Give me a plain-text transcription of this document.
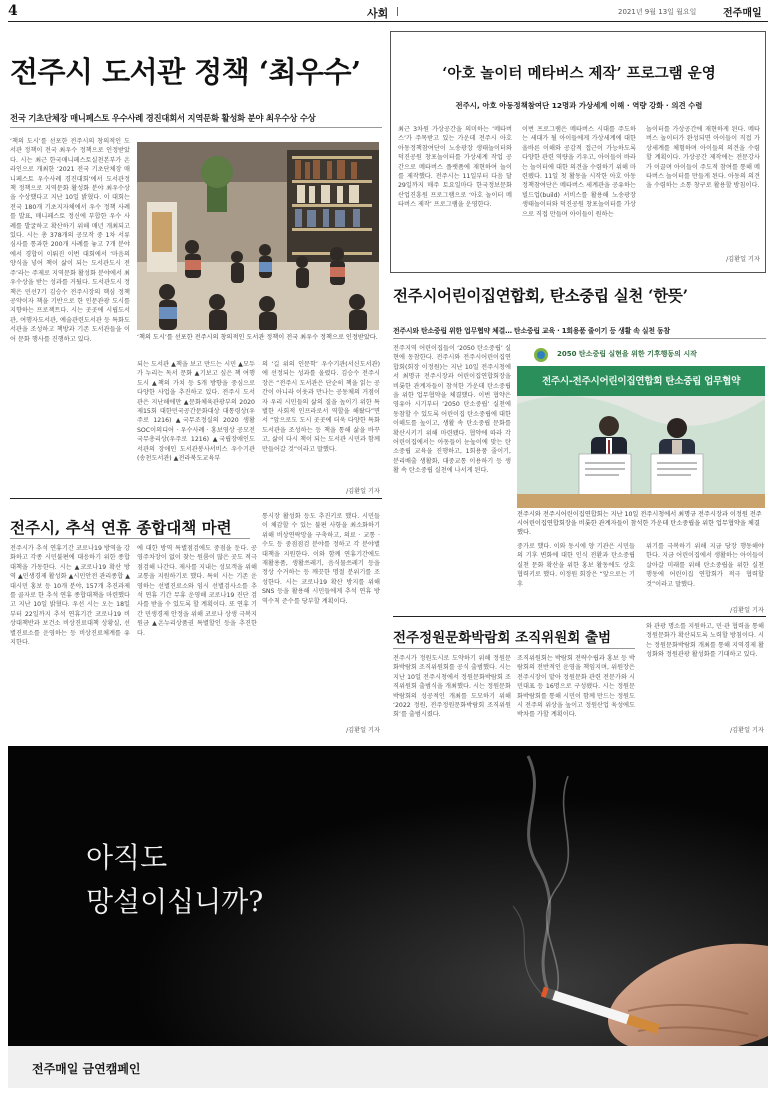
4	사회	2021년 9월 13일 월요일	전주매일
전주시 도서관 정책 ‘최우수’
전국 기초단체장 매니페스토 우수사례 경진대회서 지역문화 활성화 분야 최우수상 수상
‘책의 도시’를 선포한 전주시의 창의적인 도서관 정책이 전국 최우수 정책으로 인정받았다. 시는 최근 한국매니페스토실천본부가 온라인으로 개최한 ‘2021 전국 기초단체장 매니페스토 우수사례 경진대회’에서 도서관정책 정책으로 지역문화 활성화 분야 최우수상을 수상했다고 지난 10일 밝혔다. 이 대회는 전국 180개 기초지자체에서 우수 정책 사례를 발표, 매니페스토 정신에 부합한 우수 사례를 발굴하고 확산하기 위해 매년 개최되고 있다. 시는 총 378개의 공모작 중 1차 서류심사를 통과한 200개 사례를 놓고 7개 분야에서 경합이 이뤄진 이번 대회에서 ‘마음의 양식을 넣어 책이 삶이 되는 도서관도시 전주’라는 주제로 지역문화 활성화 분야에서 최우수상을 받는 성과를 거뒀다. 도서관도시 정책은 민선7기 김승수 전주시장의 핵심 정책 공약이자 책을 기반으로 한 인문관광 도시를 지향하는 프로젝트다. 시는 곳곳에 시립도서관, 여행자도서관, 예술관련도서관 등 특화도서관을 조성하고 책방과 기존 도서관들을 이어 문화 행사를 진행하고 있다.	‘책의 도시’를 선포한 전주시의 창의적인 도서관 정책이 전국 최우수 정책으로 인정받았다.
되는 도서관 ▲책을 보고 만드는 시민 ▲모두가 누리는 독서 문화 ▲기보고 싶은 책 여행도시 ▲책의 가치 등 5개 방향을 중심으로 다양한 사업을 추진하고 있다. 전주시 도서관은 지난해에만 ▲문화체육관광부의 2020 제15회 대한민국공간문화대상 대통령상(우주로 1216) ▲국무조정실의 2020 생활SOC이의디어 · 우수사례 · 홍보영상 공모전 국무총리상(우주로 1216) ▲국립장애인도서관의 장애인 도서관봉사서비스 우수기관(송천도서관) ▲전라북도교육부
의 ‘길 위의 인문학’ 우수기관(서신도서관)에 선정되는 성과를 올렸다. 김승수 전주시장은 “전주시 도서관은 단순히 책을 읽는 공간이 아니라 이웃과 만나는 공동체의 거점이자 우리 시민들의 삶의 질을 높이기 위한 특별한 사회적 인프라로서 역할을 해왔다”면서 “앞으로도 도시 곳곳에 더욱 다양한 특화도서관을 조성하는 등 책을 통해 삶을 바꾸고, 삶이 다시 책이 되는 도서관 시민과 함께 만들어갈 것”이라고 말했다.
/김환일 기자
‘아호 놀이터 메타버스 제작’ 프로그램 운영
전주시, 아호 아동정책참여단 12명과 가상세계 이해 · 역량 강화 · 의견 수렴
최근 3차원 가상공간을 의미하는 ‘메타버스’가 주목받고 있는 가운데 전주시 아호 아동정책참여단이 노송광장 생태놀이터와 덕진공원 창포놀이터를 가상세계 작업 공간으로 메타버스 플랫폼에 재현하여 놀이를 제작했다. 전주시는 11일부터 다음 달 29일까지 매주 토요일마다 한국정보문화산업진흥원 프로그램으로 ‘아호 놀이터 메타버스 제작’ 프로그램을 운영한다.
이번 프로그램은 메타버스 시대를 주도하는 세대가 될 아이들에게 가상세계에 대한 올바른 이해와 공감적 접근이 가능하도록 다양한 관련 역량을 키우고, 아이들이 바라는 놀이터에 대한 의견을 수렴하기 위해 마련됐다. 11일 첫 활동을 시작한 아호 아동정책참여단은 메타버스 세계관을 공유하는 빌드업(build) 서비스를 활용해 노송광장 생태놀이터와 덕진공원 창포놀이터를 가상으로 직접 만들며 아이들이 원하는
놀이터를 가상공간에 재현하게 된다. 메타버스 놀이터가 완성되면 아이들이 직접 가상세계를 체험하며 아이들의 의견을 수렴할 계획이다. 가상공간 제작에는 전문강사가 이끌며 아이들이 주도적 참여를 통해 메타버스 놀이터를 만들게 된다. 아동의 의견을 수렴하는 소통 창구로 활용할 방침이다.
/김환일 기자
전주시어린이집연합회, 탄소중립 실천 ‘한뜻’
전주시와 탄소중립 위한 업무협약 체결… 탄소중립 교육 · 1회용품 줄이기 등 생활 속 실천 동참
전주지역 어린이집들이 ‘2050 탄소중립’ 실현에 동참한다. 전주시와 전주시어린이집연합회(회장 이정원)는 지난 10일 전주시청에서 최명규 전주시장과 어린이집연합회장을 비롯한 관계자들이 참석한 가운데 탄소중립을 위한 업무협약을 체결했다. 이번 협약은 영유아 시기부터 ‘2050 탄소중립’ 실천에 동참할 수 있도록 어린이집 탄소중립에 대한 이해도를 높이고, 생활 속 탄소중립 문화를 확산시키기 위해 마련됐다. 협약에 따라 각 어린이집에서는 아동들이 눈높이에 맞는 탄소중립 교육을 진행하고, 1회용품 줄이기, 분리배출 생활화, 대중교통 이용하기 등 생활 속 탄소중립 실천에 나서게 된다.
2050 탄소중립 실현을 위한 기후행동의 시작
전주시-전주시어린이집연합회 탄소중립 업무협약
전주시와 전주시어린이집연합회는 지난 10일 전주시청에서 최명규 전주시장과 이정원 전주시어린이집연합회장을 비롯한 관계자들이 참석한 가운데 탄소중립을 위한 업무협약을 체결했다.
중가로 했다. 이와 동시에 양 기관은 시민들의 기후 변화에 대한 인식 전환과 탄소중립 실천 문화 확산을 위한 홍보 활동에도 상호 협력키로 했다. 이정원 회장은 “앞으로는 기후
위기를 극복하기 위해 지금 당장 행동해야 한다. 지금 어린이집에서 생활하는 아이들이 살아갈 미래를 위해 탄소중립을 위한 실천 행동에 어린이집 연합회가 적극 협력할 것”이라고 말했다.
/김환일 기자
전주시, 추석 연휴 종합대책 마련
전주시가 추석 연휴기간 코로나19 방역을 강화하고 각종 시민불편에 대응하기 위한 종합대책을 가동한다. 시는 ▲코로나19 확산 방역 ▲민생경제 활성화 ▲시민안전 관리종합 ▲대시민 홍보 등 10개 분야, 157개 추진과제를 골자로 한 추석 연휴 종합대책을 마련했다고 지난 10일 밝혔다. 우선 시는 오는 18일부터 22일까지 추석 연휴기간 코로나19 비상대책반과 보건소 비상진료대책 상황실, 선별진료소를 운영하는 등 비상진료체계를 유지한다.
에 대한 방역 특별점검에도 중점을 둔다. 공영주차장이 없이 찾는 원룸이 많은 곳도 적극 점검해 나간다. 제사를 지내는 성묘객을 위해 교통을 지원하기로 했다. 특히 시는 기존 운영하는 선별진료소와 임시 선별검사소를 추석 연휴 기간 무휴 운영해 코로나19 진단 검사를 받을 수 있도록 할 계획이다. 또 연휴 기간 민생경제 안정을 위해 코로나 상생 극복지원금 ▲온누리상품권 특별할인 등을 추진한다.
통시장 활성화 등도 추진키로 했다. 시민들이 체감할 수 있는 불편 사항을 최소화하기 위해 비상연락망을 구축하고, 의료 · 교통 · 수도 등 중점점검 분야를 정하고 각 분야별 대책을 지원한다. 이와 함께 연휴기간에도 재활용품, 생활쓰레기, 음식물쓰레기 등을 정상 수거하는 등 깨끗한 명절 분위기를 조성한다. 시는 코로나19 확산 방지를 위해 SNS 등을 활용해 시민들에게 추석 연휴 방역수칙 준수를 당부할 계획이다.
/김환일 기자
전주정원문화박람회 조직위원회 출범
전주시가 정원도시로 도약하기 위해 정원문화박람회 조직위원회를 공식 출범했다. 시는 지난 10일 전주시청에서 정원문화박람회 조직위원회 출범식을 개최했다. 시는 정원문화박람회의 성공적인 개최를 도모하기 위해 ‘2022 정원, 전주정원문화박람회 조직위원회’를 출범시켰다.
조직위원회는 박람회 전략수립과 홍보 등 박람회의 전반적인 운영을 책임지며, 위원장은 전주시장이 맡아 정원문화 관련 전문가와 시민대표 등 16명으로 구성됐다. 시는 정원문화박람회를 통해 시민이 함께 만드는 정원도시 전주의 위상을 높이고 정원산업 육성에도 박차를 가할 계획이다.
와 관광 명소를 지원하고, 민·관 협력을 통해 정원문화가 확산되도록 노력할 방침이다. 시는 정원문화박람회 개최를 통해 지역경제 활성화와 정원관광 활성화를 기대하고 있다.
/김환일 기자
아직도
망설이십니까?
전주매일 금연캠페인
